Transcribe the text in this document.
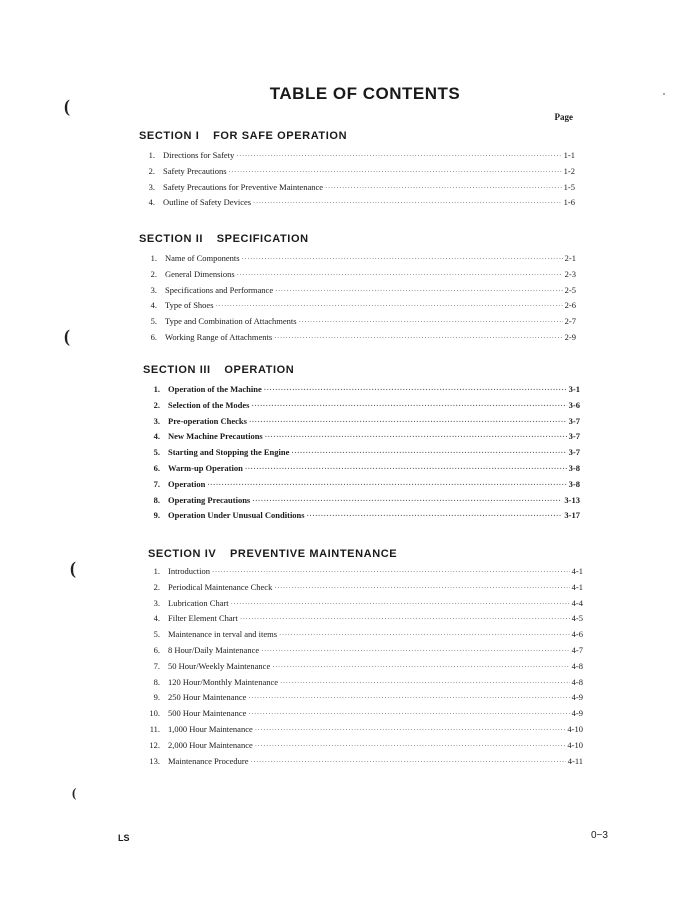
(
(
(
(
TABLE OF CONTENTS
Page
SECTION I FOR SAFE OPERATION
1. Directions for Safety ·····	1-1
2. Safety Precautions ·····	1-2
3. Safety Precautions for Preventive Maintenance ·····	1-5
4. Outline of Safety Devices ·····	1-6
SECTION II SPECIFICATION
1. Name of Components ·····	2-1
2. General Dimensions ·····	2-3
3. Specifications and Performance ·····	2-5
4. Type of Shoes ·····	2-6
5. Type and Combination of Attachments ·····	2-7
6. Working Range of Attachments ·····	2-9
SECTION III OPERATION
1. Operation of the Machine ·····	3-1
2. Selection of the Modes ·····	3-6
3. Pre-operation Checks ·····	3-7
4. New Machine Precautions ·····	3-7
5. Starting and Stopping the Engine ·····	3-7
6. Warm-up Operation ·····	3-8
7. Operation ·····	3-8
8. Operating Precautions ·····	3-13
9. Operation Under Unusual Conditions ·····	3-17
SECTION IV PREVENTIVE MAINTENANCE
1. Introduction ·····	4-1
2. Periodical Maintenance Check ·····	4-1
3. Lubrication Chart ·····	4-4
4. Filter Element Chart ·····	4-5
5. Maintenance in terval and items ·····	4-6
6. 8 Hour/Daily Maintenance ·····	4-7
7. 50 Hour/Weekly Maintenance ·····	4-8
8. 120 Hour/Monthly Maintenance ·····	4-8
9. 250 Hour Maintenance ·····	4-9
10. 500 Hour Maintenance ·····	4-9
11. 1,000 Hour Maintenance ·····	4-10
12. 2,000 Hour Maintenance ·····	4-10
13. Maintenance Procedure ·····	4-11
LS	0−3
